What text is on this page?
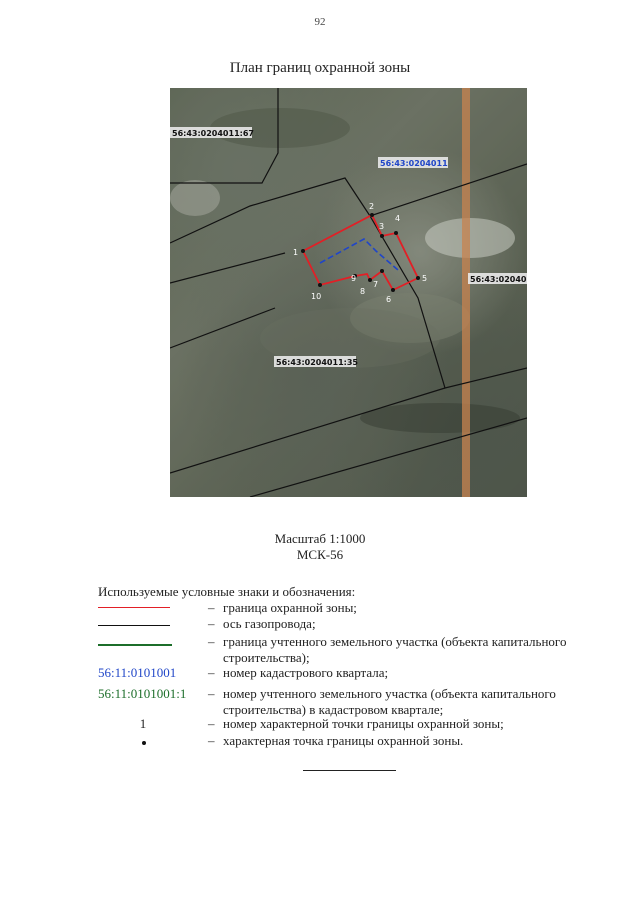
92
План границ охранной зоны
1
2
3
4
5
6
7
8
9
10
56:43:0204011:67
56:43:0204011
56:43:02040
56:43:0204011:35
Масштаб 1:1000
МСК-56
Используемые условные знаки и обозначения:
– граница охранной зоны;
– ось газопровода;
– граница учтенного земельного участка (объекта капитального строительства);
56:11:0101001 – номер кадастрового квартала;
56:11:0101001:1 – номер учтенного земельного участка (объекта капитального строительства) в кадастровом квартале;
1	– номер характерной точки границы охранной зоны;
– характерная точка границы охранной зоны.
